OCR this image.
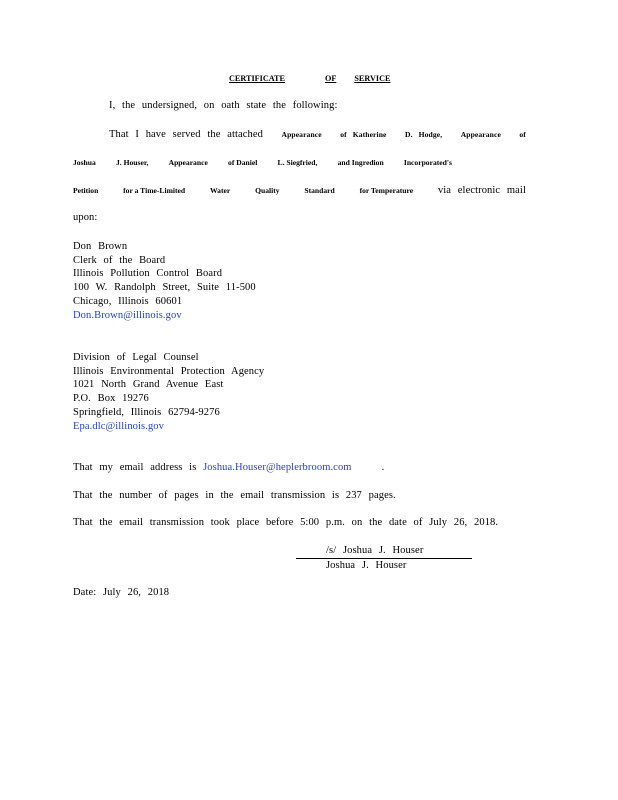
CERTIFICATE	OF SERVICE
I, the undersigned, on oath state the following:
That I have served the attached Appearance of Katherine D. Hodge, Appearance of
Joshua	J. Houser,	Appearance	of Daniel	L. Siegfried,	and Ingredion	Incorporated's
Petition	for a Time-Limited	Water	Quality	Standard	for Temperature via electronic mail
upon:
Don Brown
Clerk of the Board
Illinois Pollution Control Board
100 W. Randolph Street, Suite 11-500
Chicago, Illinois 60601
Don.Brown@illinois.gov
Division of Legal Counsel
Illinois Environmental Protection Agency
1021 North Grand Avenue East
P.O. Box 19276
Springfield, Illinois 62794-9276
Epa.dlc@illinois.gov
That my email address is Joshua.Houser@heplerbroom.com	.
That the number of pages in the email transmission is 237 pages.
That the email transmission took place before 5:00 p.m. on the date of July 26, 2018.
/s/ Joshua J. Houser
Joshua J. Houser
Date: July 26, 2018
